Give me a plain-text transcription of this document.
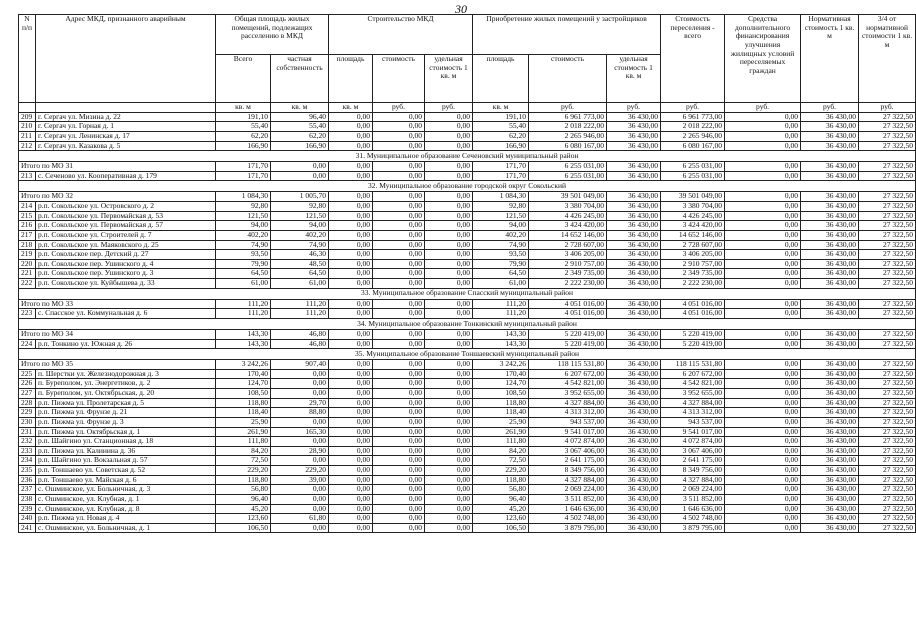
30
N п/п	Адрес МКД, признанного аварийным	Общая площадь жилых помещений, подлежащих расселению в МКД		Строительство МКД			Приобретение жилых помещений у застройщиков			Стоимость переселения - всего	Средства дополнительного финансирования улучшения жилищных условий переселяемых граждан	Нормативная стоимость 1 кв. м	3/4 от нормативной стоимости 1 кв. м
		Всего	частная собственность	площадь	стоимость	удельная стоимость 1 кв. м	площадь	стоимость	удельная стоимость 1 кв. м				
		кв. м	кв. м	кв. м	руб.	руб.	кв. м	руб.	руб.	руб.	руб.	руб.	руб.
209	г. Сергач ул. Мизина д. 22	191,10	96,40	0,00	0,00	0,00	191,10	6 961 773,00	36 430,00	6 961 773,00	0,00	36 430,00	27 322,50
210	г. Сергач ул. Горная д. 1	55,40	55,40	0,00	0,00	0,00	55,40	2 018 222,00	36 430,00	2 018 222,00	0,00	36 430,00	27 322,50
211	г. Сергач ул. Ленинская д. 17	62,20	62,20	0,00	0,00	0,00	62,20	2 265 946,00	36 430,00	2 265 946,00	0,00	36 430,00	27 322,50
212	г. Сергач ул. Казакова д. 5	166,90	166,90	0,00	0,00	0,00	166,90	6 080 167,00	36 430,00	6 080 167,00	0,00	36 430,00	27 322,50
31. Муниципальное образование Сеченовский муниципальный район													
Итого по МО 31		171,70	0,00	0,00	0,00	0,00	171,70	6 255 031,00	36 430,00	6 255 031,00	0,00	36 430,00	27 322,50
213	с. Сеченово ул. Кооперативная д. 179	171,70	0,00	0,00	0,00	0,00	171,70	6 255 031,00	36 430,00	6 255 031,00	0,00	36 430,00	27 322,50
32. Муниципальное образование городской округ Сокольский													
Итого по МО 32		1 084,30	1 005,70	0,00	0,00	0,00	1 084,30	39 501 049,00	36 430,00	39 501 049,00	0,00	36 430,00	27 322,50
214	р.п. Сокольское ул. Островского д. 2	92,80	92,80	0,00	0,00	0,00	92,80	3 380 704,00	36 430,00	3 380 704,00	0,00	36 430,00	27 322,50
215	р.п. Сокольское ул. Первомайская д. 53	121,50	121,50	0,00	0,00	0,00	121,50	4 426 245,00	36 430,00	4 426 245,00	0,00	36 430,00	27 322,50
216	р.п. Сокольское ул. Первомайская д. 57	94,00	94,00	0,00	0,00	0,00	94,00	3 424 420,00	36 430,00	3 424 420,00	0,00	36 430,00	27 322,50
217	р.п. Сокольское ул. Строителей д. 7	402,20	402,20	0,00	0,00	0,00	402,20	14 652 146,00	36 430,00	14 652 146,00	0,00	36 430,00	27 322,50
218	р.п. Сокольское ул. Маяковского д. 25	74,90	74,90	0,00	0,00	0,00	74,90	2 728 607,00	36 430,00	2 728 607,00	0,00	36 430,00	27 322,50
219	р.п. Сокольское пер. Детский д. 27	93,50	46,30	0,00	0,00	0,00	93,50	3 406 205,00	36 430,00	3 406 205,00	0,00	36 430,00	27 322,50
220	р.п. Сокольское пер. Ушинского д. 4	79,90	48,50	0,00	0,00	0,00	79,90	2 910 757,00	36 430,00	2 910 757,00	0,00	36 430,00	27 322,50
221	р.п. Сокольское пер. Ушинского д. 3	64,50	64,50	0,00	0,00	0,00	64,50	2 349 735,00	36 430,00	2 349 735,00	0,00	36 430,00	27 322,50
222	р.п. Сокольское ул. Куйбышева д. 33	61,00	61,00	0,00	0,00	0,00	61,00	2 222 230,00	36 430,00	2 222 230,00	0,00	36 430,00	27 322,50
33. Муниципальное образование Спасский муниципальный район													
Итого по МО 33		111,20	111,20	0,00	0,00	0,00	111,20	4 051 016,00	36 430,00	4 051 016,00	0,00	36 430,00	27 322,50
223	с. Спасское ул. Коммунальная д. 6	111,20	111,20	0,00	0,00	0,00	111,20	4 051 016,00	36 430,00	4 051 016,00	0,00	36 430,00	27 322,50
34. Муниципальное образование Тонкинский муниципальный район													
Итого по МО 34		143,30	46,80	0,00	0,00	0,00	143,30	5 220 419,00	36 430,00	5 220 419,00	0,00	36 430,00	27 322,50
224	р.п. Тонкино ул. Южная д. 26	143,30	46,80	0,00	0,00	0,00	143,30	5 220 419,00	36 430,00	5 220 419,00	0,00	36 430,00	27 322,50
35. Муниципальное образование Тоншаевский муниципальный район													
Итого по МО 35		3 242,26	907,40	0,00	0,00	0,00	3 242,26	118 115 531,80	36 430,00	118 115 531,80	0,00	36 430,00	27 322,50
225	п. Шерстки ул. Железнодорожная д. 3	170,40	0,00	0,00	0,00	0,00	170,40	6 207 672,00	36 430,00	6 207 672,00	0,00	36 430,00	27 322,50
226	п. Буреполом, ул. Энергетиков, д. 2	124,70	0,00	0,00	0,00	0,00	124,70	4 542 821,00	36 430,00	4 542 821,00	0,00	36 430,00	27 322,50
227	п. Буреполом, ул. Октябрьская, д. 20	108,50	0,00	0,00	0,00	0,00	108,50	3 952 655,00	36 430,00	3 952 655,00	0,00	36 430,00	27 322,50
228	р.п. Пижма ул. Пролетарская д. 5	118,80	29,70	0,00	0,00	0,00	118,80	4 327 884,00	36 430,00	4 327 884,00	0,00	36 430,00	27 322,50
229	р.п. Пижма ул. Фрунзе д. 21	118,40	88,80	0,00	0,00	0,00	118,40	4 313 312,00	36 430,00	4 313 312,00	0,00	36 430,00	27 322,50
230	р.п. Пижма ул. Фрунзе д. 3	25,90	0,00	0,00	0,00	0,00	25,90	943 537,00	36 430,00	943 537,00	0,00	36 430,00	27 322,50
231	р.п. Пижма ул. Октябрьская д. 1	261,90	165,30	0,00	0,00	0,00	261,90	9 541 017,00	36 430,00	9 541 017,00	0,00	36 430,00	27 322,50
232	р.п. Шайгино ул. Станционная д. 18	111,80	0,00	0,00	0,00	0,00	111,80	4 072 874,00	36 430,00	4 072 874,00	0,00	36 430,00	27 322,50
233	р.п. Пижма ул. Калинина д. 36	84,20	28,90	0,00	0,00	0,00	84,20	3 067 406,00	36 430,00	3 067 406,00	0,00	36 430,00	27 322,50
234	р.п. Шайгино ул. Вокзальная д. 57	72,50	0,00	0,00	0,00	0,00	72,50	2 641 175,00	36 430,00	2 641 175,00	0,00	36 430,00	27 322,50
235	р.п. Тоншаево ул. Советская д. 52	229,20	229,20	0,00	0,00	0,00	229,20	8 349 756,00	36 430,00	8 349 756,00	0,00	36 430,00	27 322,50
236	р.п. Тоншаево ул. Майская д. 6	118,80	39,00	0,00	0,00	0,00	118,80	4 327 884,00	36 430,00	4 327 884,00	0,00	36 430,00	27 322,50
237	с. Ошминское, ул. Больничная, д. 3	56,80	0,00	0,00	0,00	0,00	56,80	2 069 224,00	36 430,00	2 069 224,00	0,00	36 430,00	27 322,50
238	с. Ошминское, ул. Клубная, д. 1	96,40	0,00	0,00	0,00	0,00	96,40	3 511 852,00	36 430,00	3 511 852,00	0,00	36 430,00	27 322,50
239	с. Ошминское, ул. Клубная, д. 8	45,20	0,00	0,00	0,00	0,00	45,20	1 646 636,00	36 430,00	1 646 636,00	0,00	36 430,00	27 322,50
240	р.п. Пижма ул. Новая д. 4	123,60	61,80	0,00	0,00	0,00	123,60	4 502 748,00	36 430,00	4 502 748,00	0,00	36 430,00	27 322,50
241	с. Ошминское, ул. Больничная, д. 1	106,50	0,00	0,00	0,00	0,00	106,50	3 879 795,00	36 430,00	3 879 795,00	0,00	36 430,00	27 322,50
